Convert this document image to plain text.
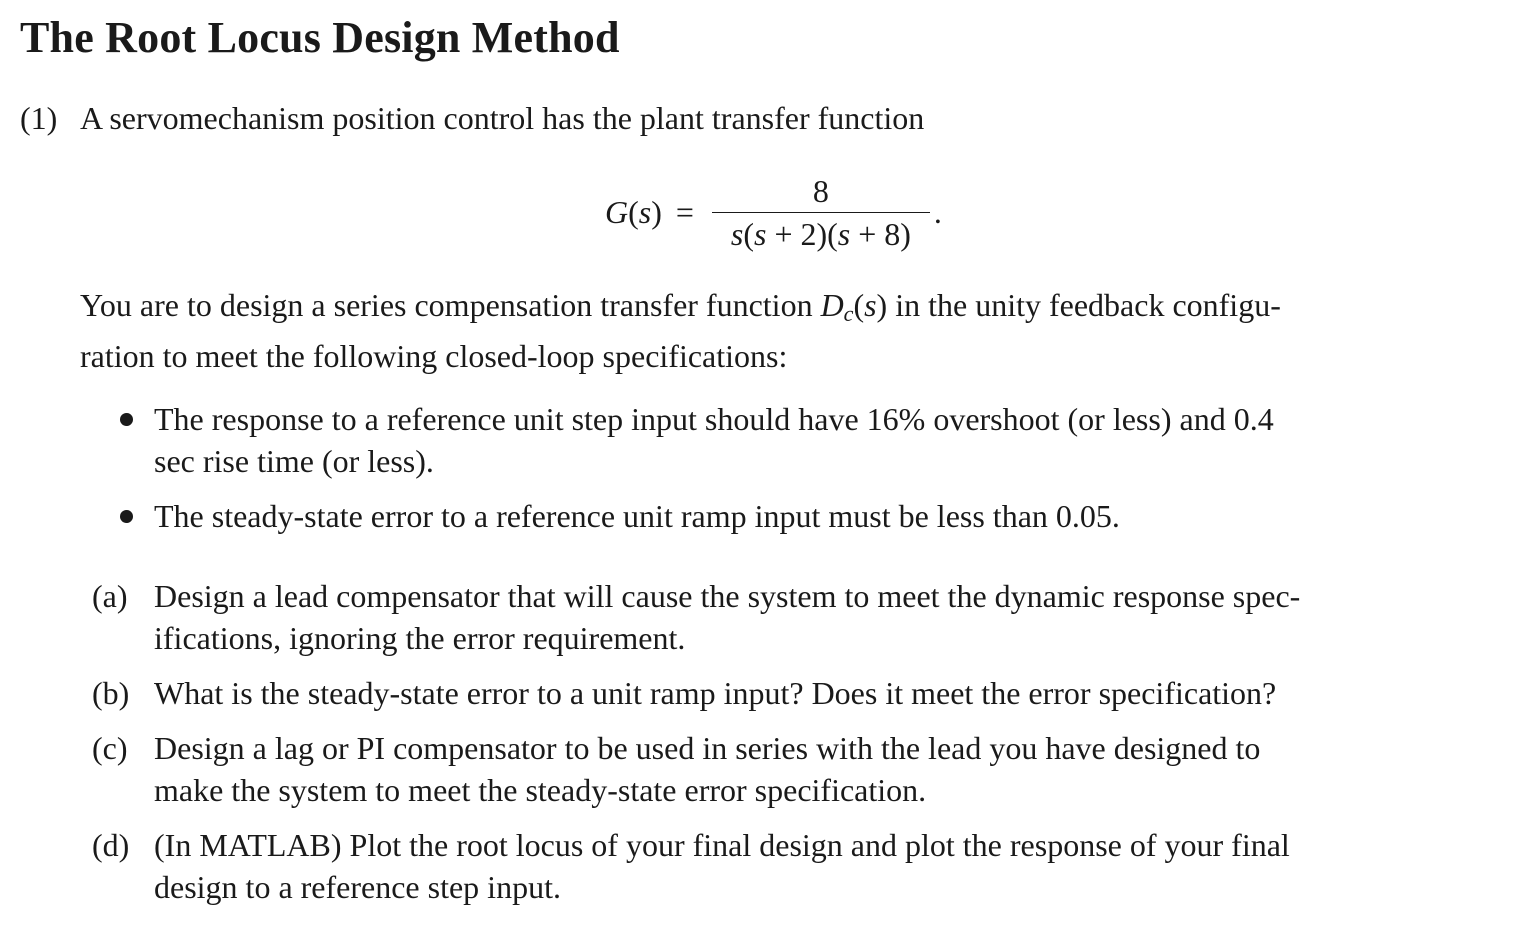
The Root Locus Design Method
(1) A servomechanism position control has the plant transfer function
$G(s) = \frac{8}{s(s + 2)(s + 8)}$ .

You are to design a series compensation transfer function $D_c(s)$ in the unity feedback configu-
ration to meet the following closed-loop specifications:

The response to a reference unit step input should have 16% overshoot (or less) and 0.4
sec rise time (or less).
The steady-state error to a reference unit ramp input must be less than 0.05.
(a) Design a lead compensator that will cause the system to meet the dynamic response spec-
ifications, ignoring the error requirement.
(b) What is the steady-state error to a unit ramp input? Does it meet the error specification?
(c) Design a lag or PI compensator to be used in series with the lead you have designed to
make the system to meet the steady-state error specification.
(d) (In MATLAB) Plot the root locus of your final design and plot the response of your final
design to a reference step input.
